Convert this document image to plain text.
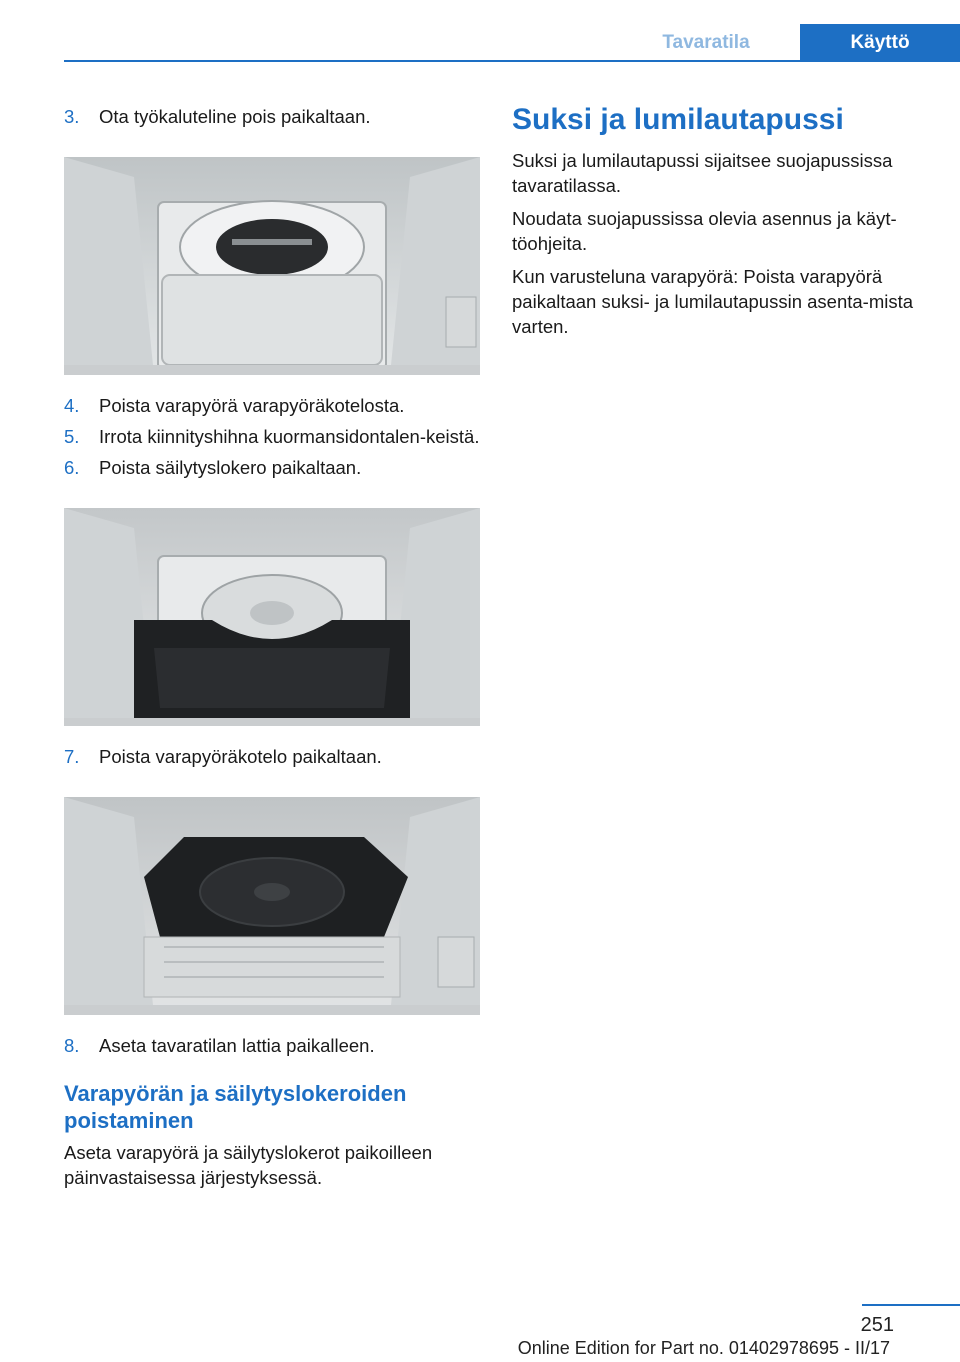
Tavaratila	Käyttö
3.	Ota työkaluteline pois paikaltaan.
4.	Poista varapyörä varapyöräkotelosta.
5.	Irrota kiinnityshihna kuormansidontalen‐keistä.
6.	Poista säilytyslokero paikaltaan.
7.	Poista varapyöräkotelo paikaltaan.
8.	Aseta tavaratilan lattia paikalleen.
Varapyörän ja säilytyslokeroiden poistaminen

Aseta varapyörä ja säilytyslokerot paikoilleen päinvastaisessa järjestyksessä.

Suksi ja lumilautapussi

Suksi ja lumilautapussi sijaitsee suojapussissa tavaratilassa.

Noudata suojapussissa olevia asennus ja käyt‐töohjeita.

Kun varusteluna varapyörä: Poista varapyörä paikaltaan suksi- ja lumilautapussin asenta‐mista varten.

251
Online Edition for Part no. 01402978695 - II/17
